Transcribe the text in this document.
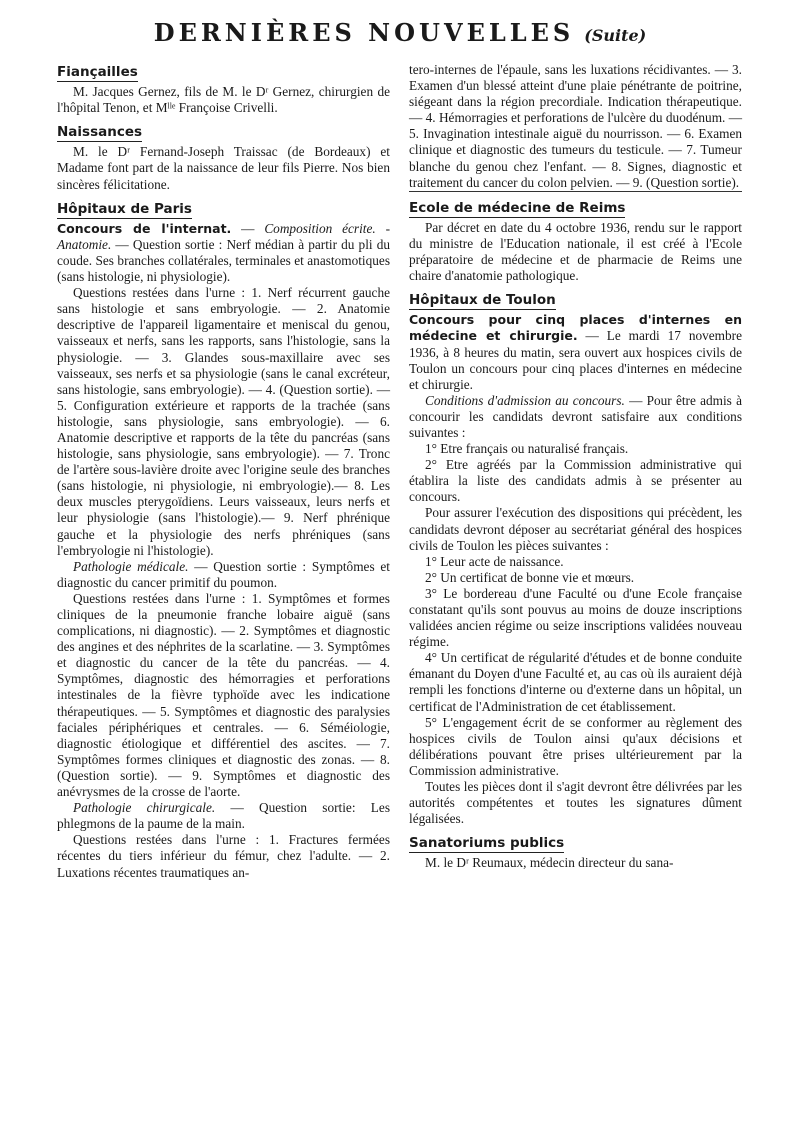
DERNIÈRES NOUVELLES (Suite)
Fiançailles

M. Jacques Gernez, fils de M. le Dʳ Gernez, chirurgien de l'hôpital Tenon, et Mˡˡᵉ Françoise Crivelli.

Naissances

M. le Dʳ Fernand-Joseph Traissac (de Bordeaux) et Madame font part de la naissance de leur fils Pierre. Nos bien sincères félicitatione.

Hôpitaux de Paris

Concours de l'internat. — Composition écrite. - Anatomie. — Question sortie : Nerf médian à partir du pli du coude. Ses branches collatérales, terminales et anastomotiques (sans histologie, ni physiologie).

Questions restées dans l'urne : 1. Nerf récurrent gauche sans histologie et sans embryologie. — 2. Anatomie descriptive de l'appareil ligamentaire et meniscal du genou, vaisseaux et nerfs, sans les rapports, sans l'histologie, sans la physiologie. — 3. Glandes sous-maxillaire avec ses vaisseaux, ses nerfs et sa physiologie (sans le canal excréteur, sans histologie, sans embryologie). — 4. (Question sortie). — 5. Configuration extérieure et rapports de la trachée (sans histologie, sans physiologie, sans embryologie). — 6. Anatomie descriptive et rapports de la tête du pancréas (sans histologie, sans physiologie, sans embryologie). — 7. Tronc de l'artère sous-lavière droite avec l'origine seule des branches (sans histologie, ni physiologie, ni embryologie).— 8. Les deux muscles pterygoïdiens. Leurs vaisseaux, leurs nerfs et leur physiologie (sans l'histologie).— 9. Nerf phrénique gauche et la physiologie des nerfs phréniques (sans l'embryologie ni l'histologie).

Pathologie médicale. — Question sortie : Symptômes et diagnostic du cancer primitif du poumon.

Questions restées dans l'urne : 1. Symptômes et formes cliniques de la pneumonie franche lobaire aiguë (sans complications, ni diagnostic). — 2. Symptômes et diagnostic des angines et des néphrites de la scarlatine. — 3. Symptômes et diagnostic du cancer de la tête du pancréas. — 4. Symptômes, diagnostic des hémorragies et perforations intestinales de la fièvre typhoïde avec les indicatione thérapeutiques. — 5. Symptômes et diagnostic des paralysies faciales périphériques et centrales. — 6. Séméiologie, diagnostic étiologique et différentiel des ascites. — 7. Symptômes formes cliniques et diagnostic des zonas. — 8. (Question sortie). — 9. Symptômes et diagnostic des anévrysmes de la crosse de l'aorte.

Pathologie chirurgicale. — Question sortie: Les phlegmons de la paume de la main.

Questions restées dans l'urne : 1. Fractures fermées récentes du tiers inférieur du fémur, chez l'adulte. — 2. Luxations récentes traumatiques an-

tero-internes de l'épaule, sans les luxations récidivantes. — 3. Examen d'un blessé atteint d'une plaie pénétrante de poitrine, siégeant dans la région precordiale. Indication thérapeutique. — 4. Hémorragies et perforations de l'ulcère du duodénum. — 5. Invagination intestinale aiguë du nourrisson. — 6. Examen clinique et diagnostic des tumeurs du testicule. — 7. Tumeur blanche du genou chez l'enfant. — 8. Signes, diagnostic et traitement du cancer du colon pelvien. — 9. (Question sortie).

Ecole de médecine de Reims

Par décret en date du 4 octobre 1936, rendu sur le rapport du ministre de l'Education nationale, il est créé à l'Ecole préparatoire de médecine et de pharmacie de Reims une chaire d'anatomie pathologique.

Hôpitaux de Toulon

Concours pour cinq places d'internes en médecine et chirurgie. — Le mardi 17 novembre 1936, à 8 heures du matin, sera ouvert aux hospices civils de Toulon un concours pour cinq places d'internes en médecine et chirurgie.

Conditions d'admission au concours. — Pour être admis à concourir les candidats devront satisfaire aux conditions suivantes :

1° Etre français ou naturalisé français.

2° Etre agréés par la Commission administrative qui établira la liste des candidats admis à se présenter au concours.

Pour assurer l'exécution des dispositions qui précèdent, les candidats devront déposer au secrétariat général des hospices civils de Toulon les pièces suivantes :

1° Leur acte de naissance.

2° Un certificat de bonne vie et mœurs.

3° Le bordereau d'une Faculté ou d'une Ecole française constatant qu'ils sont pouvus au moins de douze inscriptions validées ancien régime ou seize inscriptions validées nouveau régime.

4° Un certificat de régularité d'études et de bonne conduite émanant du Doyen d'une Faculté et, au cas où ils auraient déjà rempli les fonctions d'interne ou d'externe dans un hôpital, un certificat de l'Administration de cet établissement.

5° L'engagement écrit de se conformer au règlement des hospices civils de Toulon ainsi qu'aux décisions et délibérations pouvant être prises ultérieurement par la Commission administrative.

Toutes les pièces dont il s'agit devront être délivrées par les autorités compétentes et toutes les signatures dûment légalisées.

Sanatoriums publics

M. le Dʳ Reumaux, médecin directeur du sana-
